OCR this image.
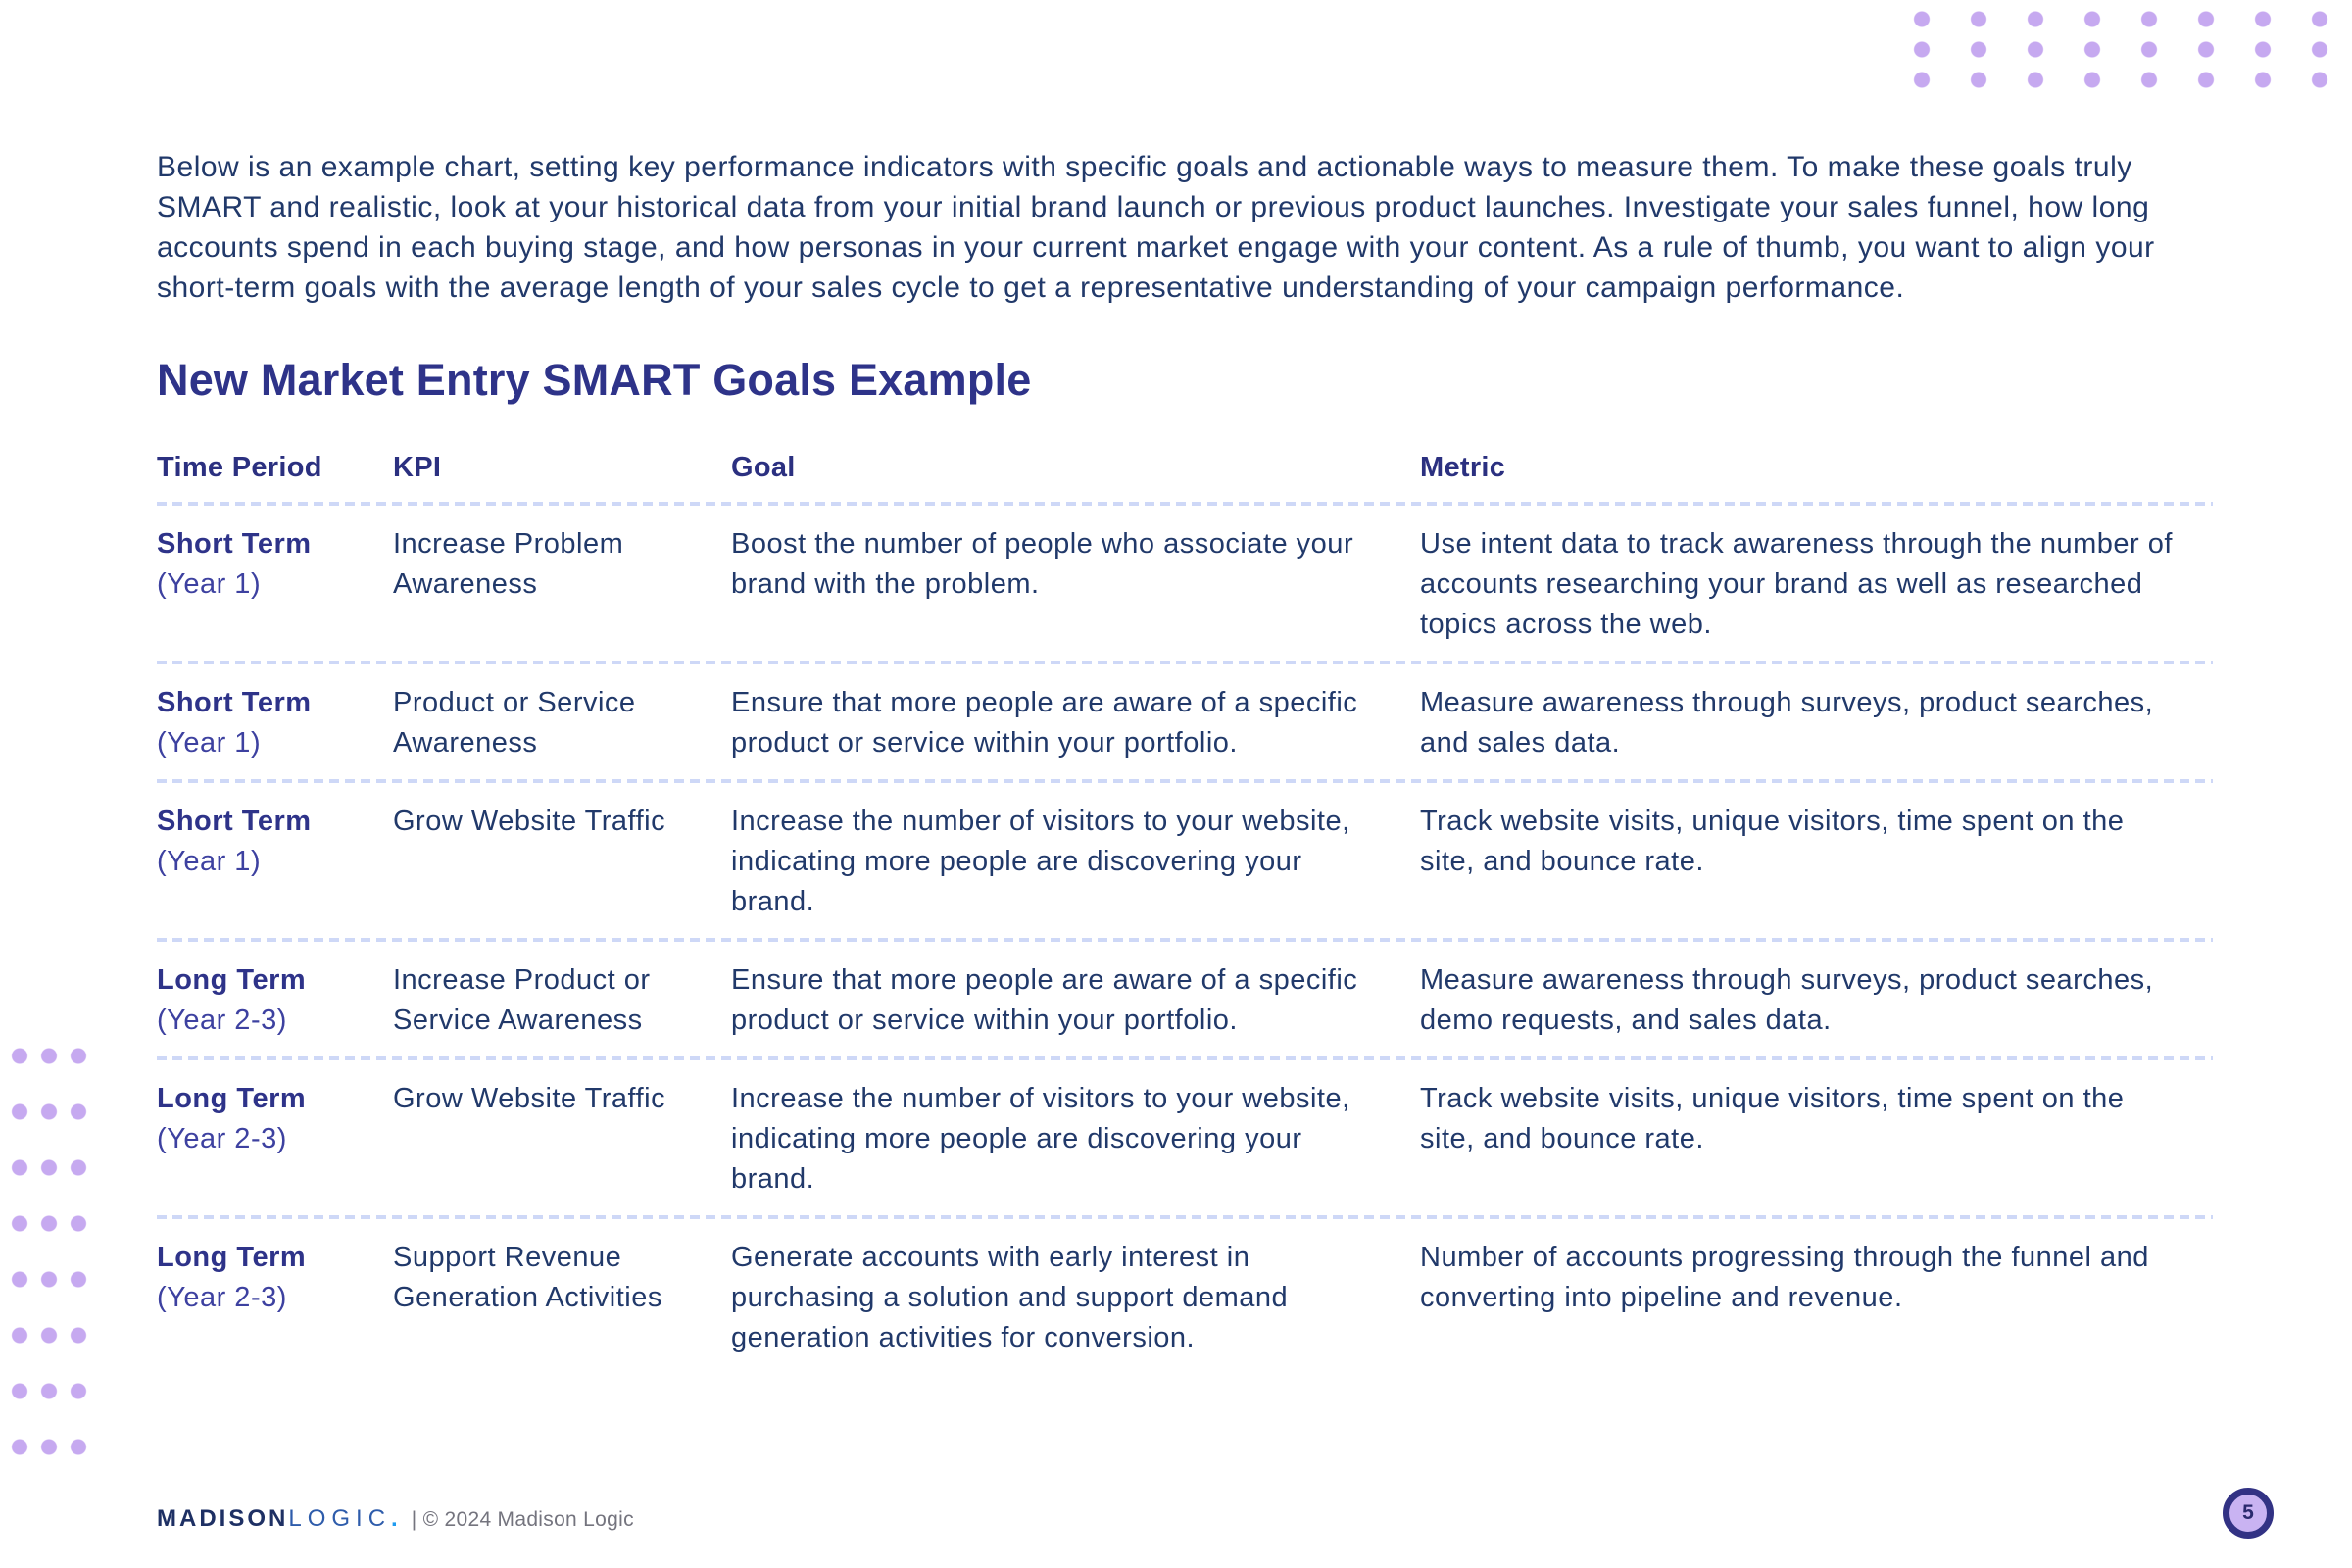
Below is an example chart, setting key performance indicators with specific goals and actionable ways to measure them. To make these goals truly SMART and realistic, look at your historical data from your initial brand launch or previous product launches. Investigate your sales funnel, how long accounts spend in each buying stage, and how personas in your current market engage with your content. As a rule of thumb, you want to align your short-term goals with the average length of your sales cycle to get a representative understanding of your campaign performance.

New Market Entry SMART Goals Example
Time Period	KPI	Goal	Metric
Short Term
(Year 1)
Increase Problem Awareness
Boost the number of people who associate your brand with the problem.
Use intent data to track awareness through the number of accounts researching your brand as well as researched topics across the web.
Short Term
(Year 1)
Product or Service Awareness
Ensure that more people are aware of a specific product or service within your portfolio.
Measure awareness through surveys, product searches, and sales data.
Short Term
(Year 1)
Grow Website Traffic	Increase the number of visitors to your website, indicating more people are discovering your brand.
Track website visits, unique visitors, time spent on the site, and bounce rate.
Long Term
(Year 2-3)
Increase Product or Service Awareness
Ensure that more people are aware of a specific product or service within your portfolio.
Measure awareness through surveys, product searches, demo requests, and sales data.
Long Term
(Year 2-3)
Grow Website Traffic	Increase the number of visitors to your website, indicating more people are discovering your brand.
Track website visits, unique visitors, time spent on the site, and bounce rate.
Long Term
(Year 2-3)
Support Revenue Generation Activities
Generate accounts with early interest in purchasing a solution and support demand generation activities for conversion.
Number of accounts progressing through the funnel and converting into pipeline and revenue.
MADISONLOGIC. | © 2024 Madison Logic	5
